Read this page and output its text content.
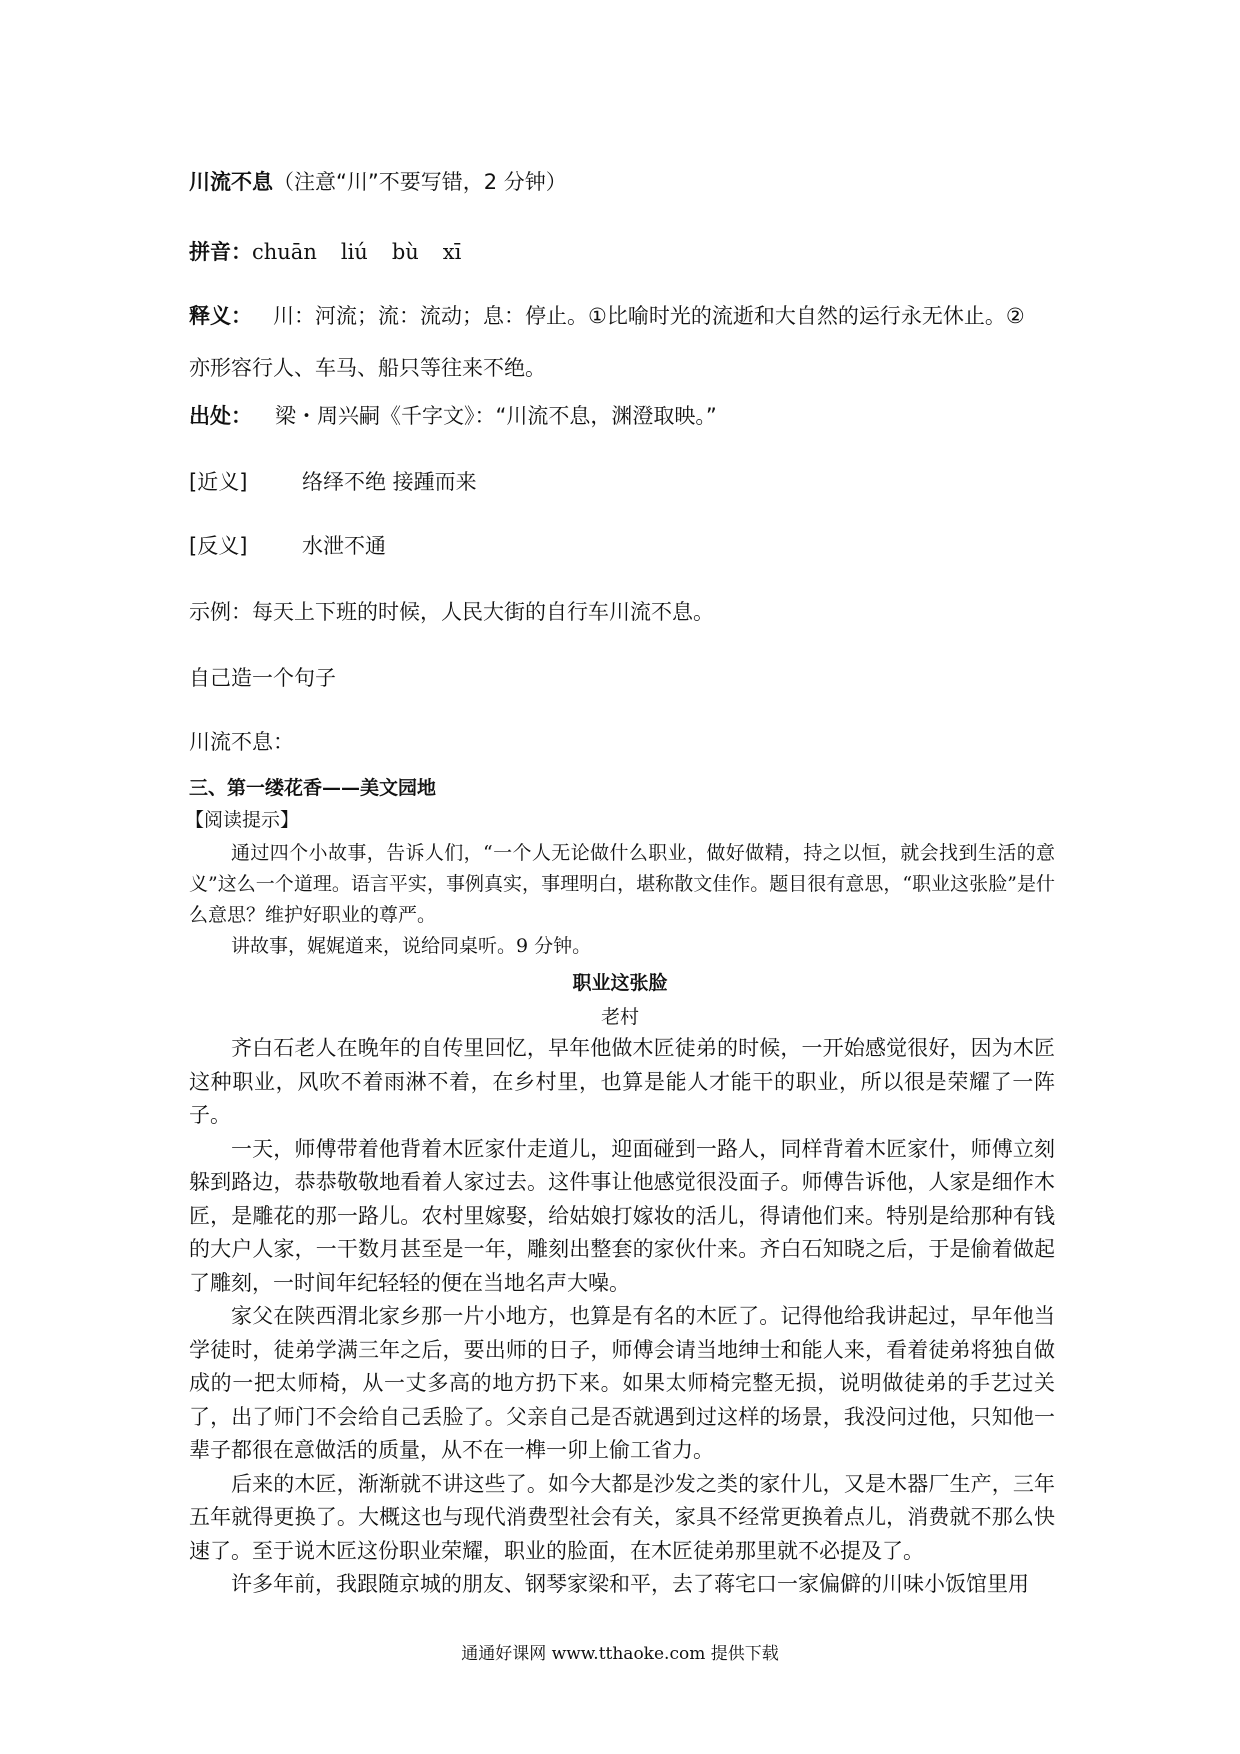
川流不息（注意“川”不要写错，2 分钟）
拼音：chuān liú bù xī
释义： 川：河流；流：流动；息：停止。①比喻时光的流逝和大自然的运行永无休止。②
亦形容行人、车马、船只等往来不绝。
出处： 梁・周兴嗣《千字文》：“川流不息，渊澄取映。”
[近义]	络绎不绝 接踵而来
[反义]	水泄不通
示例：每天上下班的时候，人民大街的自行车川流不息。
自己造一个句子
川流不息：
三、第一缕花香——美文园地
【阅读提示】
通过四个小故事，告诉人们，“一个人无论做什么职业，做好做精，持之以恒，就会找到生活的意义”这么一个道理。语言平实，事例真实，事理明白，堪称散文佳作。题目很有意思，“职业这张脸”是什么意思？维护好职业的尊严。
讲故事，娓娓道来，说给同桌听。9 分钟。
职业这张脸
老村

齐白石老人在晚年的自传里回忆，早年他做木匠徒弟的时候，一开始感觉很好，因为木匠这种职业，风吹不着雨淋不着，在乡村里，也算是能人才能干的职业，所以很是荣耀了一阵子。

一天，师傅带着他背着木匠家什走道儿，迎面碰到一路人，同样背着木匠家什，师傅立刻躲到路边，恭恭敬敬地看着人家过去。这件事让他感觉很没面子。师傅告诉他，人家是细作木匠，是雕花的那一路儿。农村里嫁娶，给姑娘打嫁妆的活儿，得请他们来。特别是给那种有钱的大户人家，一干数月甚至是一年，雕刻出整套的家伙什来。齐白石知晓之后，于是偷着做起了雕刻，一时间年纪轻轻的便在当地名声大噪。

家父在陕西渭北家乡那一片小地方，也算是有名的木匠了。记得他给我讲起过，早年他当学徒时，徒弟学满三年之后，要出师的日子，师傅会请当地绅士和能人来，看着徒弟将独自做成的一把太师椅，从一丈多高的地方扔下来。如果太师椅完整无损，说明做徒弟的手艺过关了，出了师门不会给自己丢脸了。父亲自己是否就遇到过这样的场景，我没问过他，只知他一辈子都很在意做活的质量，从不在一榫一卯上偷工省力。

后来的木匠，渐渐就不讲这些了。如今大都是沙发之类的家什儿，又是木器厂生产，三年五年就得更换了。大概这也与现代消费型社会有关，家具不经常更换着点儿，消费就不那么快速了。至于说木匠这份职业荣耀，职业的脸面，在木匠徒弟那里就不必提及了。

许多年前，我跟随京城的朋友、钢琴家梁和平，去了蒋宅口一家偏僻的川味小饭馆里用

通通好课网 www.tthaoke.com 提供下载
